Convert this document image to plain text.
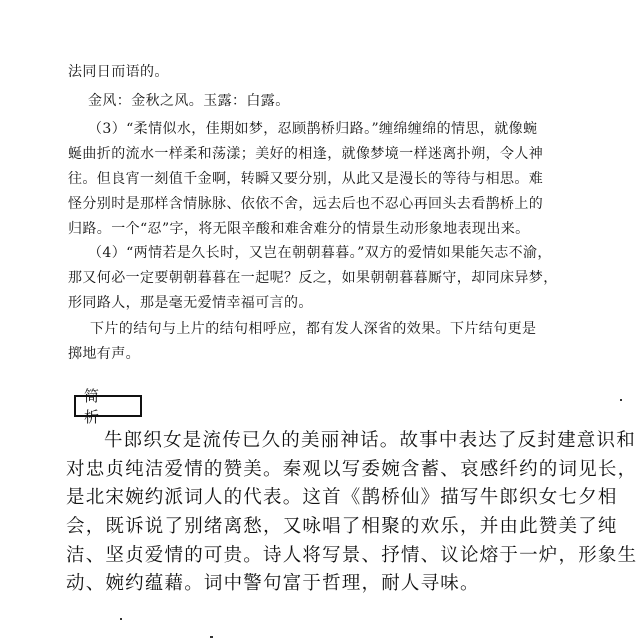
法同日而语的。
金风：金秋之风。玉露：白露。
（3）“柔情似水，佳期如梦，忍顾鹊桥归路。”缠绵缠绵的情思，就像蜿
蜒曲折的流水一样柔和荡漾；美好的相逢，就像梦境一样迷离扑朔，令人神
往。但良宵一刻值千金啊，转瞬又要分别，从此又是漫长的等待与相思。难
怪分别时是那样含情脉脉、依依不舍，远去后也不忍心再回头去看鹊桥上的
归路。一个“忍”字，将无限辛酸和难舍难分的情景生动形象地表现出来。
（4）“两情若是久长时，又岂在朝朝暮暮。”双方的爱情如果能矢志不渝，
那又何必一定要朝朝暮暮在一起呢？反之，如果朝朝暮暮厮守，却同床异梦，
形同路人，那是毫无爱情幸福可言的。
下片的结句与上片的结句相呼应，都有发人深省的效果。下片结句更是
掷地有声。
简 析
牛郎织女是流传已久的美丽神话。故事中表达了反封建意识和
对忠贞纯洁爱情的赞美。秦观以写委婉含蓄、哀感纤约的词见长，
是北宋婉约派词人的代表。这首《鹊桥仙》描写牛郎织女七夕相
会，既诉说了别绪离愁，又咏唱了相聚的欢乐，并由此赞美了纯
洁、坚贞爱情的可贵。诗人将写景、抒情、议论熔于一炉，形象生
动、婉约蕴藉。词中警句富于哲理，耐人寻味。
